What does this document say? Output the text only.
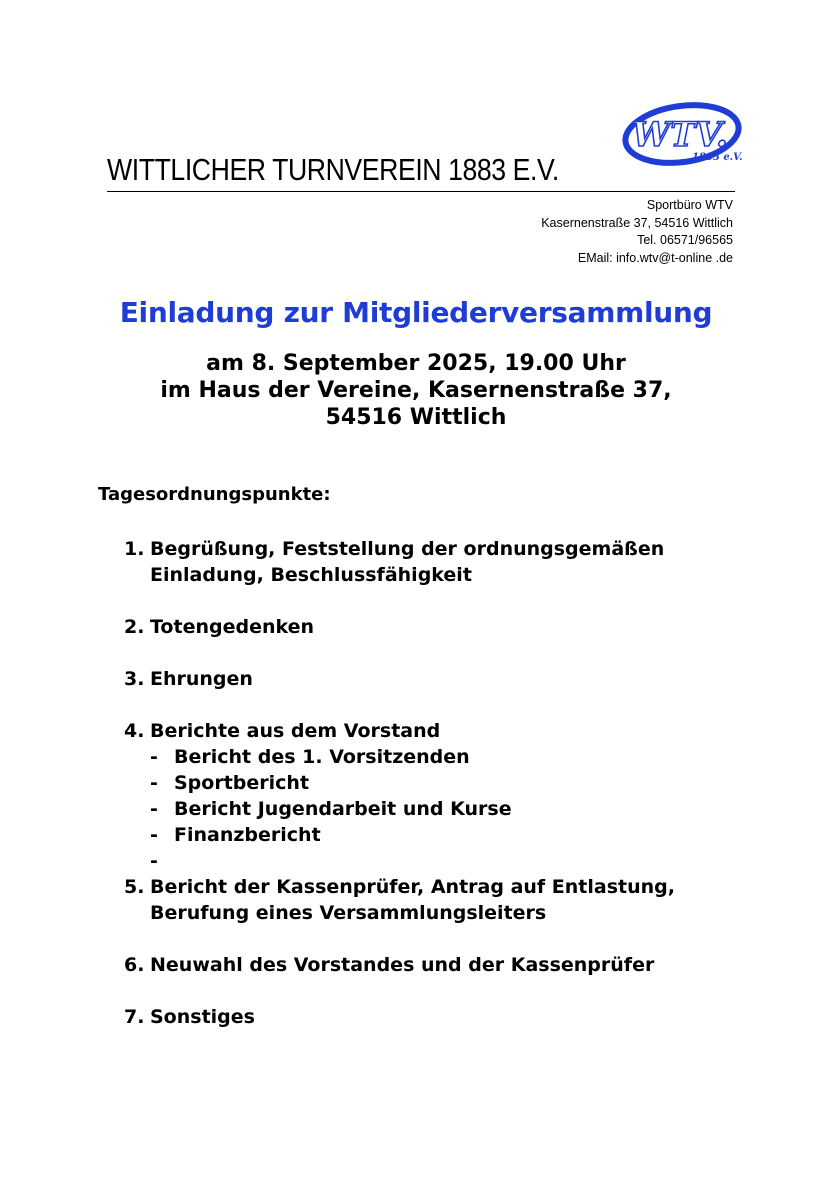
WTV.
1883 e.V.
WITTLICHER TURNVEREIN 1883 E.V.
Sportbüro WTV
Kasernenstraße 37, 54516 Wittlich
Tel. 06571/96565
EMail: info.wtv@t-online .de
Einladung zur Mitgliederversammlung
am 8. September 2025, 19.00 Uhr
im Haus der Vereine, Kasernenstraße 37,
54516 Wittlich
Tagesordnungspunkte:
1. Begrüßung, Feststellung der ordnungsgemäßen
Einladung, Beschlussfähigkeit
2. Totengedenken
3. Ehrungen
4. Berichte aus dem Vorstand
- Bericht des 1. Vorsitzenden
- Sportbericht
- Bericht Jugendarbeit und Kurse
- Finanzbericht
-
5. Bericht der Kassenprüfer, Antrag auf Entlastung,
Berufung eines Versammlungsleiters
6. Neuwahl des Vorstandes und der Kassenprüfer
7. Sonstiges
